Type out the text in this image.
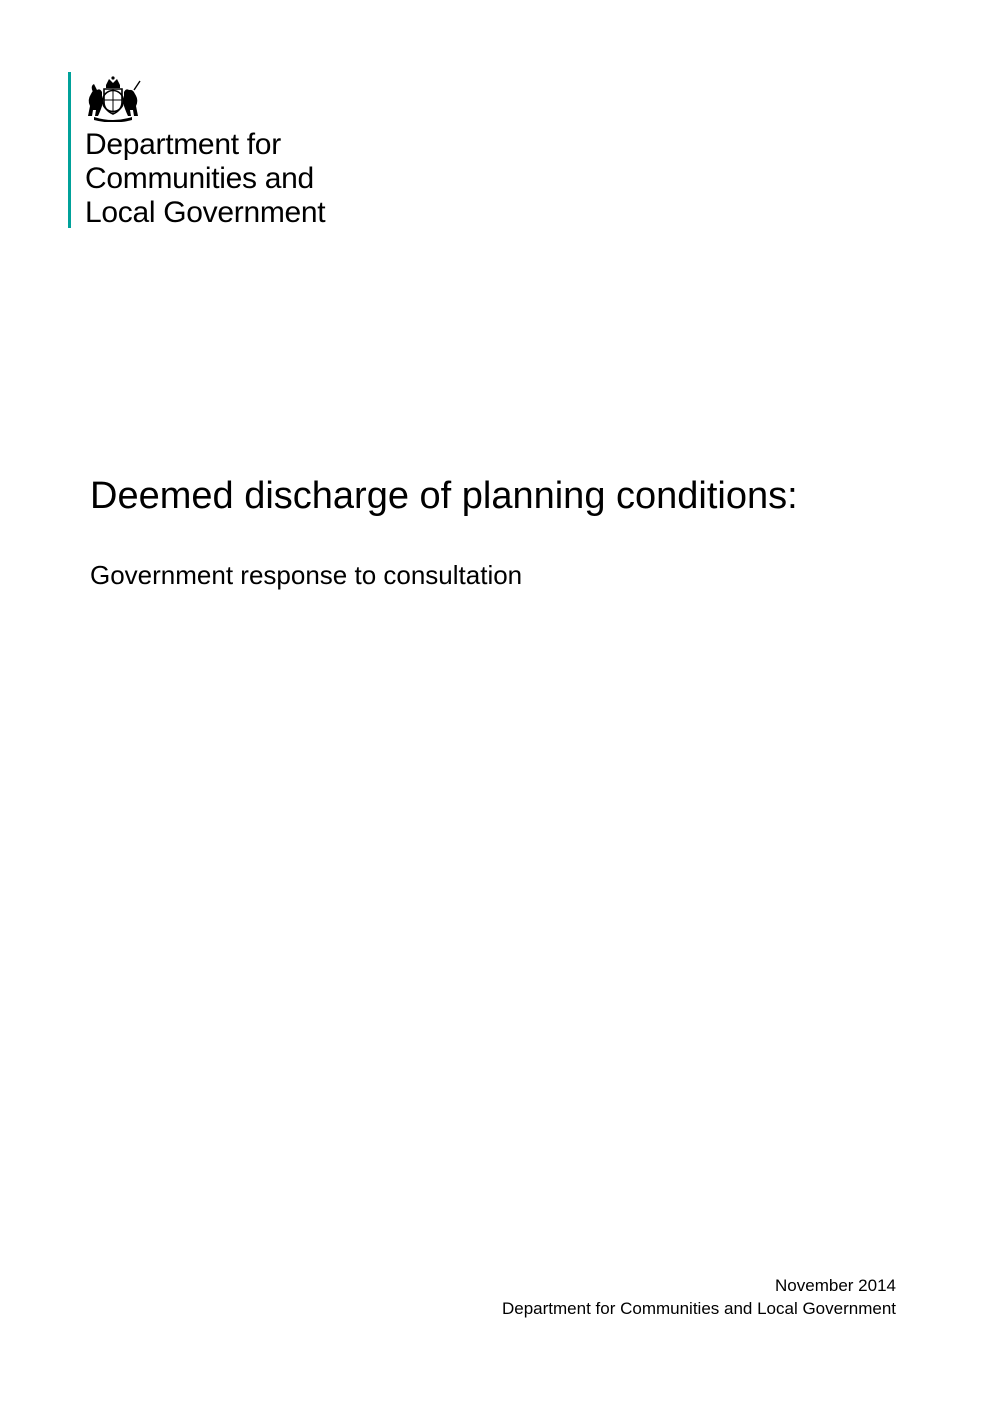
Department for
Communities and
Local Government
Deemed discharge of planning conditions:
Government response to consultation
November 2014
Department for Communities and Local Government
